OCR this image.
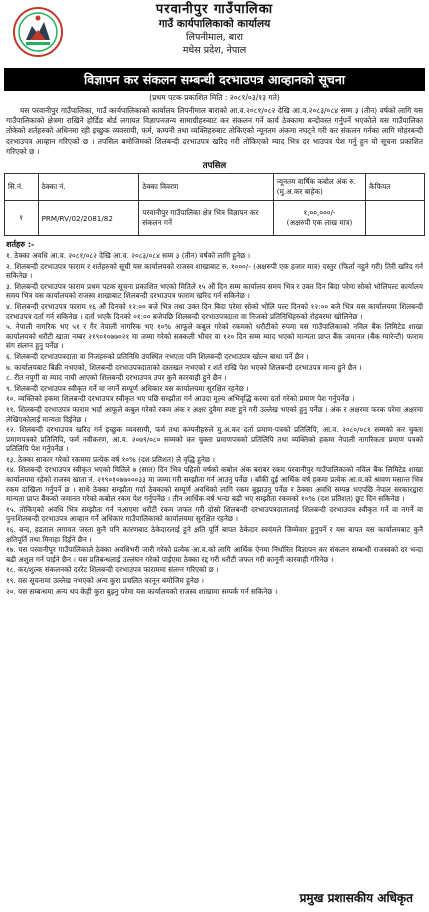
परवानीपुर गाउँपालिका
गाउँ कार्यपालिकाको कार्यालय
लिपनीमाल, बारा
मधेस प्रदेश, नेपाल
विज्ञापन कर संकलन सम्बन्धी दरभाउपत्र आव्हानको सूचना
(प्रथम पटक प्रकाशित मिति : २०८१/०३/१३ गते)

यस परवानीपुर गाउँपालिका, गाउँ कार्यपालिकाको कार्यालय लिपनीमाल बाराको आ.व.२०८१/०८२ देखि आ.व.२०८३/०८४ सम्म ३ (तीन) वर्षको लागि यस गाउँपालिकाको क्षेत्रमा राखिने होर्डिङ बोर्ड लगायत विज्ञापनजन्य सामाग्रीहरुबाट कर संकलन गर्ने कार्य ठेक्कामा बन्दोवस्त गर्नुपर्ने भएकोले यस गाउँपालिका तोकेको शर्तहरुको अधिनमा रही इच्छुक व्यवसायी, फर्म, कम्पनी तथा व्यक्तिहरुबाट तोकिएको न्यूनतम अंकमा नघट्ने गरी कर संकलन गर्नका लागि मोहरबन्दी दरभाउपत्र आव्हान गरिएको छ । तपसिल बमोजिमको शिलबन्दी दरभाउपत्र खरिद गरी तोकिएको म्याद भित्र दर भाउपत्र पेश गर्नु हुन यो सूचना प्रकाशित गरिएको छ ।

तपसिल
सि.नं.	ठेक्का नं.	ठेक्का विवरण	न्यूनतम वार्षिक कबोल अंक रु. (मु.अ.कर बाहेक)	कैफियत
१	PRM/RV/02/2081/82	परवानीपुर गाउँपालिका क्षेत्र भित्र विज्ञापन कर संकलन गर्ने	१,००,०००/-
(अक्षरुपी एक लाख मात्र)	

शर्तहरु :-
१. ठेक्का अवधि आ.व. २०८१/०८२ देखि आ.व. २०८३/०८४ सम्म ३ (तीन) वर्षको लागि हुनेछ ।
२. शिलबन्दी दरभाउपत्र फाराम र शर्तहरुको सूची यस कार्यालयको राजस्व शाखाबाट रु. १०००/- (अक्षरुपी एक हजार मात्र) दस्तुर (फिर्ता नहुने गरी) तिरी खरिद गर्न सकिनेछ ।
३. शिलबन्दी दरभाउपत्र फाराम प्रथम पटक सूचना प्रकाशित भएको मितिले १५ औं दिन सम्म कार्यालय समय भित्र र उक्त दिन बिदा परेमा सोको भोलिपल्ट कार्यालय समय भित्र यस कार्यालयको राजस्व शाखाबाट शिलबन्दी दरभाउपत्र फाराम खरिद गर्न सकिनेछ ।
४. शिलबन्दी दरभाउपत्र फाराम १६ औं दिनको १२:०० बजे भित्र तथा उक्त दिन बिदा परेमा सोको भोलि पल्ट दिनको १२:०० बजे भित्र यस कार्यालयमा शिलबन्दी दरभाउपत्र दर्ता गर्न सकिनेछ । दर्ता भएकै दिनको ०१:०० बजेपछि शिलबन्दी दरभाउपत्रदाता वा निजको प्रतिनिधिहरुको रोहवरमा खोलिनेछ ।
५. नेपाली नागरिक भए ५१ र गैर नेपाली नागरिक भए १०% आफूले कबुल गरेको रकमको धरौटीको रुपमा यस गाउँपालिकाको नविल बैंक लिमिटेड शाखा कार्यालयको धरौटी खाता नम्बर २१९०१०७७०२१ मा जम्मा गरेको सक्कली भौचर वा १२० दिन सम्म म्याद भएको मान्यता प्राप्त बैंक जमानत (बैंक ग्यारेन्टी) फाराम संग संलग्न हुनु पर्नेछ ।
६. शिलबन्दी दरभाउपत्रदाता वा निजहरुको प्रतिनिधि उपस्थित नभएता पनि शिलबन्दी दरभाउपत्र खोल्न बाधा पर्ने छैन ।
७. कार्यालयबाट बिक्री नभएको, शिलबन्दी दरभाउपत्रदाताको दस्तखत नभएको र शर्त राखि पेश भएको शिलबन्दी दरभाउपत्र मान्य हुने छैन ।
८. रीत नपुगी वा म्याद नाघी आएको शिलबन्दी दरभाउपत्र उपर कुनै कारवाही हुने छैन ।
९. शिलबन्दी दरभाउपत्र स्वीकृत गर्ने वा नगर्ने सम्पूर्ण अधिकार यस कार्यालयमा सुरक्षित रहनेछ ।
१०. व्यक्तिको हकमा शिलबन्दी दरभाउपत्र स्वीकृत भए पछि सम्झौता गर्न आउदा मूल्य अभिवृद्धि करमा दर्ता गरेको प्रमाण पेश गर्नुपर्नेछ ।
११. शिलबन्दी दरभाउपत्र फाराम भर्दा आफूले कबुल गरेको रकम अंक र अक्षर दुवैमा स्पष्ट हुने गरी उल्लेख भएको हुनु पर्नेछ । अंक र अक्षरमा फरक परेमा अक्षरमा लेखिएकोलाई मान्यता दिईनेछ ।
१२. शिलबन्दी दरभाउपत्र खरिद गर्न इच्छुक व्यवसायी, फर्म तथा कम्पनीहरुले मु.अ.कर दर्ता प्रमाण-पत्रको प्रतिलिपि, आ.व. २०८०/०८१ सम्मको कर चुक्ता प्रमाणपत्रको प्रतिलिपि, फर्म नवीकरण, आ.व. २०७९/०८० सम्मको कर चुक्ता प्रमाणपत्रको प्रतिलिपि तथा व्यक्तिको हकमा नेपाली नागरिकता प्रमाण पत्रको प्रतिलिपि पेश गर्नुपर्नेछ ।
१३. ठेक्का साकार गरेको रकममा प्रत्येक वर्ष १०% (दश प्रतिशत) ले वृद्धि हुनेछ ।
१४. शिलबन्दी दरभाउपत्र स्वीकृत भएको मितिले ७ (सात) दिन भित्र पहिलो वर्षको कबोल अंक बराबर रकम परवानीपुर गाउँपालिकाको नविल बैंक लिमिटेड शाखा कार्यालयमा रहेको राजस्व खाता नं. २१९०१०७७०००३३ मा जम्मा गरी सम्झौता गर्न आउनु पर्नेछ । बाँकी दुई आर्थिक वर्ष हकमा प्रत्येक आ.व.को श्रावण मसान्त भित्र रकम दाखिला गर्नुपर्ने छ । साथै ठेक्का सम्झौता गर्दा ठेक्काको सम्पूर्ण अवधिको लागि रकम बुझाउनु पर्नेछ र ठेक्का अवधि सम्पन्न भएपछि नेपाल सरकारद्वारा मान्यता प्राप्त बैंकको जमानत गरेको कबोल रकम पेश गर्नुपर्नेछ । तीन आर्थिक वर्ष भन्दा बढी भए सम्झौता रकमको १०% (दश प्रतिशत) छुट दिन सकिनेछ ।
१५. तोकिएको अवधि भित्र सम्झौता गर्न नआएमा धरौटी रकम जफत गरी दोस्रो शिलबन्दी दरभाउपत्रदातालाई शिलबन्दी दरभाउपत्र स्वीकृत गर्ने वा नगर्ने वा पुनःशिलबन्दी दरभाउपत्र आव्हान गर्ने अधिकार गाउँपालिकाको कार्यालयमा सुरक्षित रहनेछ ।
१६. बन्द, हडताल लगायत जस्ता कुनै पनि कारणबाट ठेकेदारलाई हुने क्षति पूर्ति बापत ठेकेदार स्वयंमले जिम्मेवार हुनुपर्ने र यस बापत यस कार्यालयबाट कुनै क्षतिपूर्ति तथा मिनाहा दिईने छैन ।
१७. यस परवानीपुर गाउँपालिकाले ठेक्का अवधिभरी जारी गरेको प्रत्येक आ.व.को लागि आर्थिक ऐनमा निर्धारित विज्ञापन कर संकलन सम्बन्धी राजस्वको दर भन्दा बढी अशुल गर्न पाईने छैन । यस प्रतिबन्धलाई उल्लंघन गरेको पाईएमा ठेक्का रद्द गरी धरौटी जफत गरी कानूनी कारवाही गरिनेछ ।
१८. कर/शुल्क संकलनको दररेट शिलबन्दी दरभाउपत्र फाराममा संलग्न गरिएको छ ।
१९. यस सूचनामा उल्लेख नभएको अन्य कुरा प्रचलित कानून बमोजिम हुनेछ ।
२०. यस सम्बन्धमा अन्य थप केही कुरा बुझ्नु परेमा यस कार्यालयको राजस्व शाखामा सम्पर्क गर्न सकिनेछ ।
प्रमुख प्रशासकीय अधिकृत
